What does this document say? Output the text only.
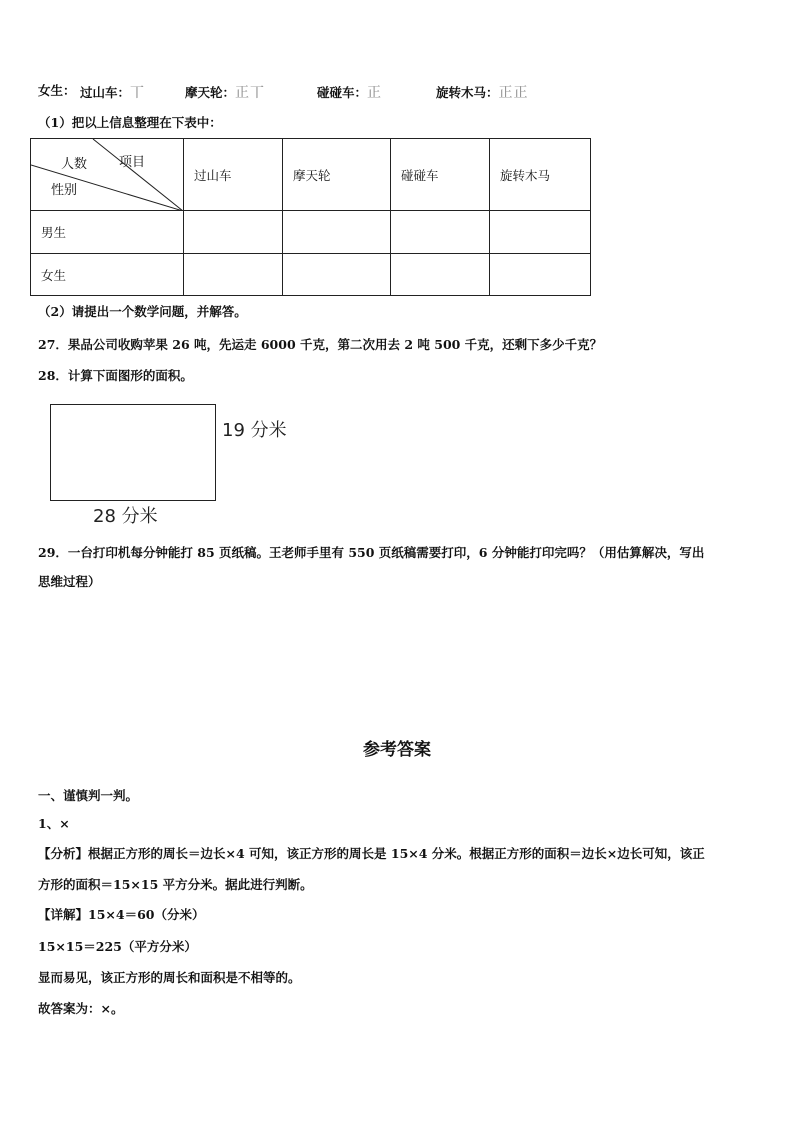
女生： 过山车：丅	摩天轮：正丅	碰碰车：正	旋转木马：正正
（1）把以上信息整理在下表中：
项目
人数
性别	过山车	摩天轮	碰碰车	旋转木马
男生				
女生				
（2）请提出一个数学问题，并解答。
27．果品公司收购苹果 26 吨，先运走 6000 千克，第二次用去 2 吨 500 千克，还剩下多少千克？
28．计算下面图形的面积。
19 分米
28 分米
29．一台打印机每分钟能打 85 页纸稿。王老师手里有 550 页纸稿需要打印，6 分钟能打印完吗？（用估算解决，写出
思维过程）
参考答案
一、谨慎判一判。
1、×
【分析】根据正方形的周长＝边长×4 可知，该正方形的周长是 15×4 分米。根据正方形的面积＝边长×边长可知，该正
方形的面积＝15×15 平方分米。据此进行判断。
【详解】15×4＝60（分米）
15×15＝225（平方分米）
显而易见，该正方形的周长和面积是不相等的。
故答案为：×。
